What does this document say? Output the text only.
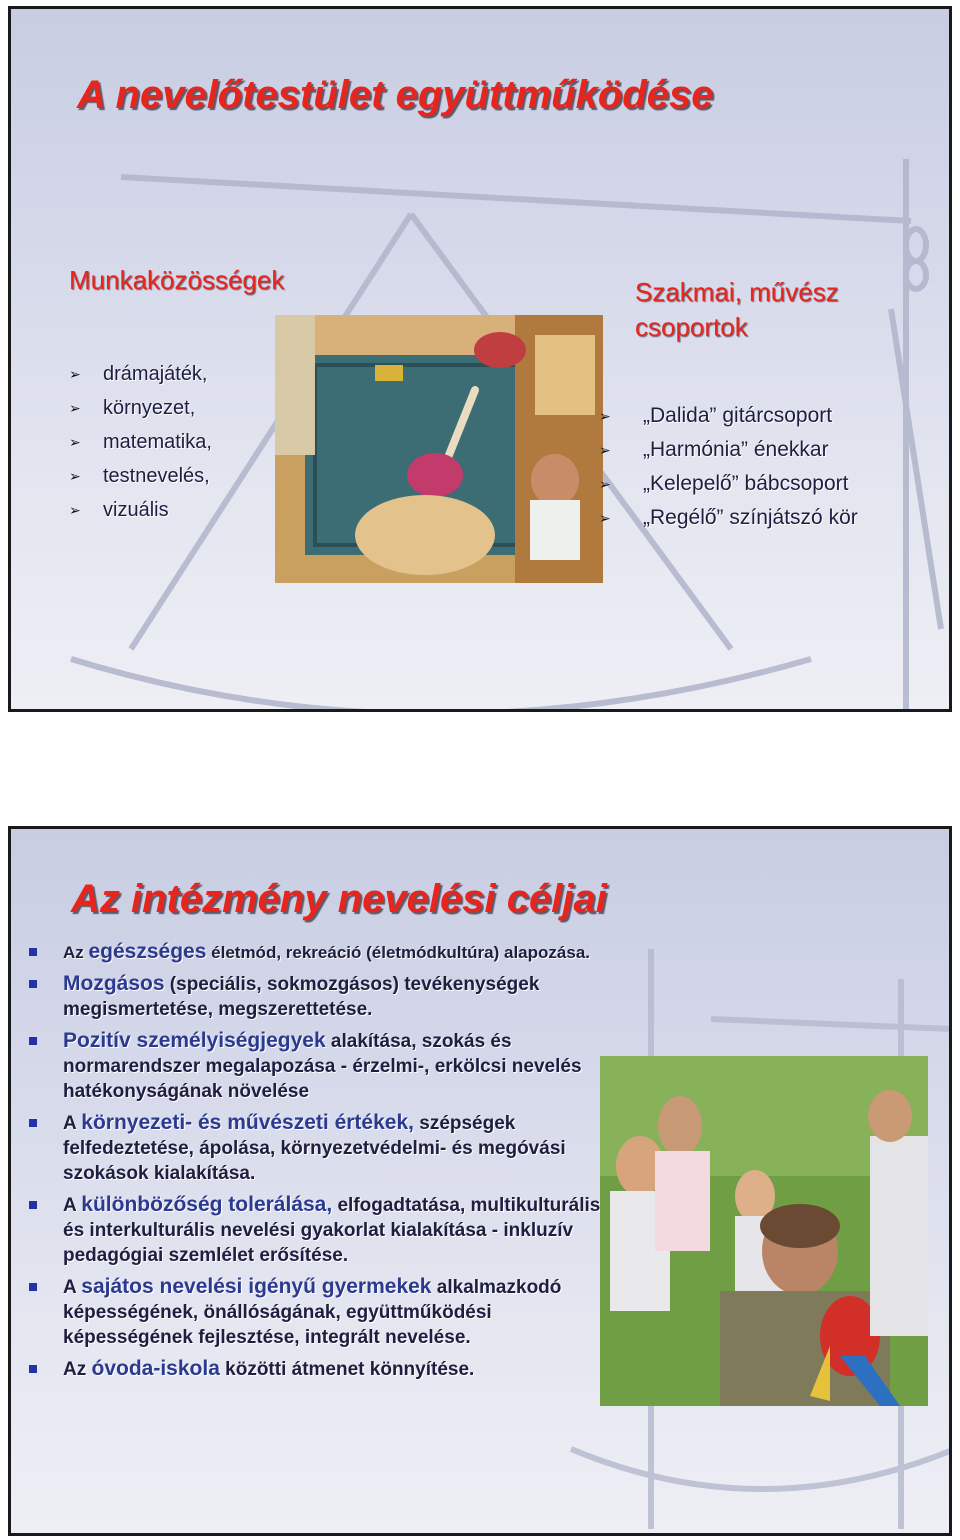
A nevelőtestület együttműködése
Munkaközösségek
➢ drámajáték,
➢ környezet,
➢ matematika,
➢ testnevelés,
➢ vizuális
Szakmai, művész csoportok
➢ „Dalida” gitárcsoport
➢ „Harmónia” énekkar
➢ „Kelepelő” bábcsoport
➢ „Regélő” színjátszó kör
Az intézmény nevelési céljai
Az egészséges életmód, rekreáció (életmódkultúra) alapozása.
Mozgásos (speciális, sokmozgásos) tevékenységek megismertetése, megszerettetése.
Pozitív személyiségjegyek alakítása, szokás és normarendszer megalapozása - érzelmi-, erkölcsi nevelés hatékonyságának növelése
A környezeti- és művészeti értékek, szépségek felfedeztetése, ápolása, környezetvédelmi- és megóvási szokások kialakítása.
A különbözőség tolerálása, elfogadtatása, multikulturális és interkulturális nevelési gyakorlat kialakítása - inkluzív pedagógiai szemlélet erősítése.
A sajátos nevelési igényű gyermekek alkalmazkodó képességének, önállóságának, együttműködési képességének fejlesztése, integrált nevelése.
Az óvoda-iskola közötti átmenet könnyítése.
